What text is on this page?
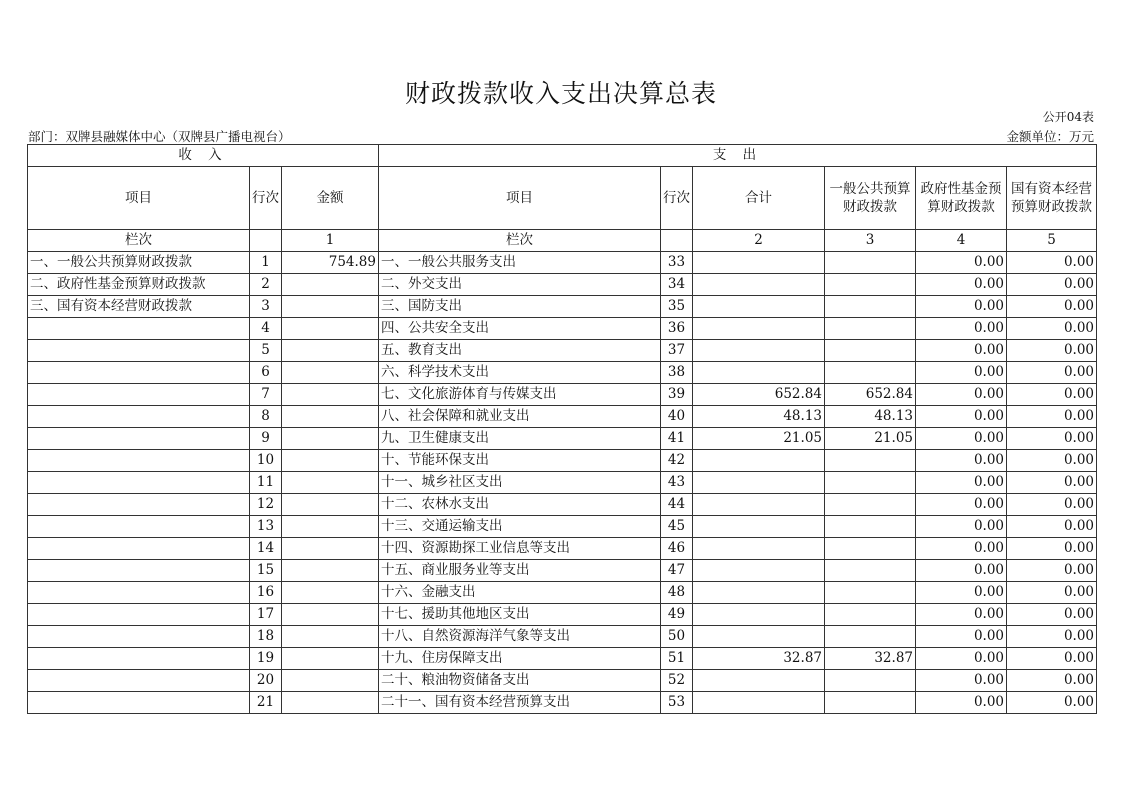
财政拨款收入支出决算总表
公开04表
部门：双牌县融媒体中心（双牌县广播电视台）	金额单位：万元
收 入			支 出					
项目	行次	金额	项目	行次	合计	一般公共预算财政拨款	政府性基金预算财政拨款	国有资本经营预算财政拨款
栏次		1	栏次		2	3	4	5
一、一般公共预算财政拨款	1	754.89	一、一般公共服务支出	33			0.00	0.00
二、政府性基金预算财政拨款	2		二、外交支出	34			0.00	0.00
三、国有资本经营财政拨款	3		三、国防支出	35			0.00	0.00
	4		四、公共安全支出	36			0.00	0.00
	5		五、教育支出	37			0.00	0.00
	6		六、科学技术支出	38			0.00	0.00
	7		七、文化旅游体育与传媒支出	39	652.84	652.84	0.00	0.00
	8		八、社会保障和就业支出	40	48.13	48.13	0.00	0.00
	9		九、卫生健康支出	41	21.05	21.05	0.00	0.00
	10		十、节能环保支出	42			0.00	0.00
	11		十一、城乡社区支出	43			0.00	0.00
	12		十二、农林水支出	44			0.00	0.00
	13		十三、交通运输支出	45			0.00	0.00
	14		十四、资源勘探工业信息等支出	46			0.00	0.00
	15		十五、商业服务业等支出	47			0.00	0.00
	16		十六、金融支出	48			0.00	0.00
	17		十七、援助其他地区支出	49			0.00	0.00
	18		十八、自然资源海洋气象等支出	50			0.00	0.00
	19		十九、住房保障支出	51	32.87	32.87	0.00	0.00
	20		二十、粮油物资储备支出	52			0.00	0.00
	21		二十一、国有资本经营预算支出	53			0.00	0.00
